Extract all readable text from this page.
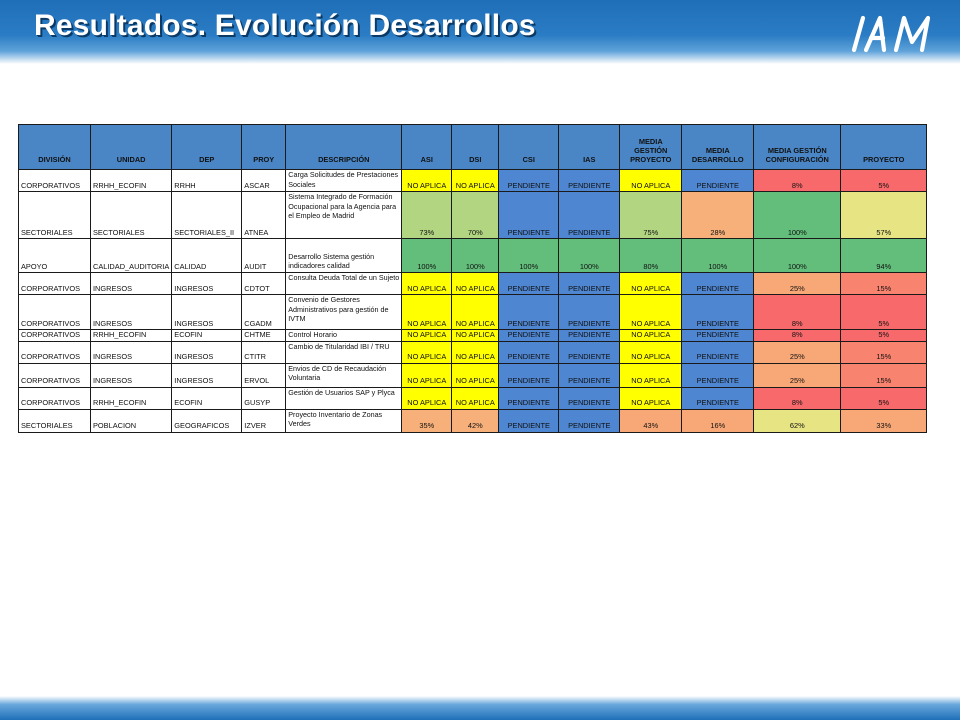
Resultados. Evolución Desarrollos
DIVISIÓN	UNIDAD	DEP	PROY	DESCRIPCIÓN	ASI	DSI	CSI	IAS	MEDIA GESTIÓN PROYECTO	MEDIA DESARROLLO	MEDIA GESTIÓN CONFIGURACIÓN	PROYECTO
CORPORATIVOS	RRHH_ECOFIN	RRHH	ASCAR	Carga Solicitudes de Prestaciones Sociales	NO APLICA	NO APLICA	PENDIENTE	PENDIENTE	NO APLICA	PENDIENTE	8%	5%
SECTORIALES	SECTORIALES	SECTORIALES_II	ATNEA	Sistema Integrado de Formación Ocupacional para la Agencia para el Empleo de Madrid	73%	70%	PENDIENTE	PENDIENTE	75%	28%	100%	57%
APOYO	CALIDAD_AUDITORIA	CALIDAD	AUDIT	Desarrollo Sistema gestión indicadores calidad	100%	100%	100%	100%	80%	100%	100%	94%
CORPORATIVOS	INGRESOS	INGRESOS	CDTOT	Consulta Deuda Total de un Sujeto	NO APLICA	NO APLICA	PENDIENTE	PENDIENTE	NO APLICA	PENDIENTE	25%	15%
CORPORATIVOS	INGRESOS	INGRESOS	CGADM	Convenio de Gestores Administrativos para gestión de IVTM	NO APLICA	NO APLICA	PENDIENTE	PENDIENTE	NO APLICA	PENDIENTE	8%	5%
CORPORATIVOS	RRHH_ECOFIN	ECOFIN	CHTME	Control Horario	NO APLICA	NO APLICA	PENDIENTE	PENDIENTE	NO APLICA	PENDIENTE	8%	5%
CORPORATIVOS	INGRESOS	INGRESOS	CTITR	Cambio de Titularidad IBI / TRU	NO APLICA	NO APLICA	PENDIENTE	PENDIENTE	NO APLICA	PENDIENTE	25%	15%
CORPORATIVOS	INGRESOS	INGRESOS	ERVOL	Envios de CD de Recaudación Voluntaria	NO APLICA	NO APLICA	PENDIENTE	PENDIENTE	NO APLICA	PENDIENTE	25%	15%
CORPORATIVOS	RRHH_ECOFIN	ECOFIN	GUSYP	Gestión de Usuarios SAP y Plyca	NO APLICA	NO APLICA	PENDIENTE	PENDIENTE	NO APLICA	PENDIENTE	8%	5%
SECTORIALES	POBLACION	GEOGRAFICOS	IZVER	Proyecto Inventario de Zonas Verdes	35%	42%	PENDIENTE	PENDIENTE	43%	16%	62%	33%
